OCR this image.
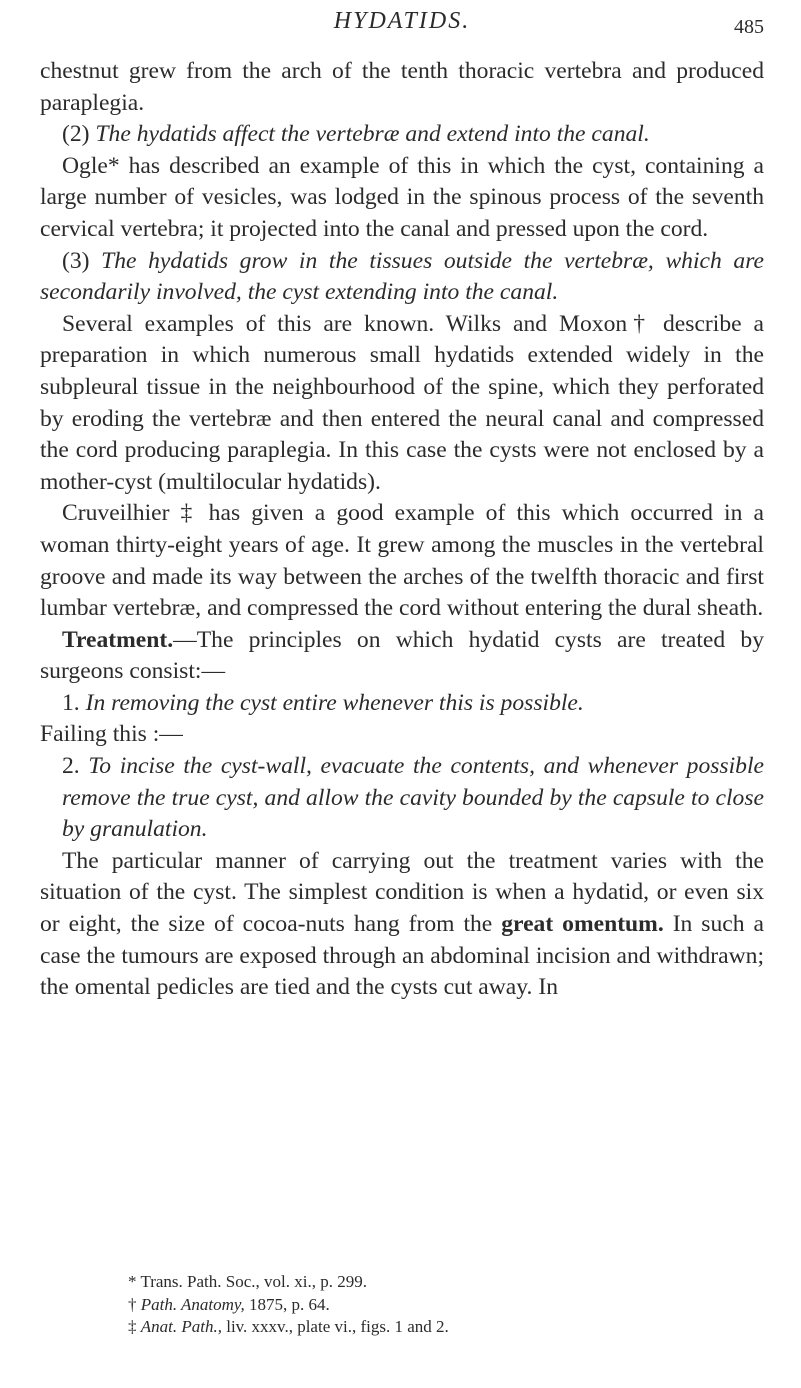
HYDATIDS.	485

chestnut grew from the arch of the tenth thoracic vertebra and produced paraplegia.

(2) The hydatids affect the vertebræ and extend into the canal.

Ogle* has described an example of this in which the cyst, containing a large number of vesicles, was lodged in the spinous process of the seventh cervical vertebra; it projected into the canal and pressed upon the cord.

(3) The hydatids grow in the tissues outside the vertebræ, which are secondarily involved, the cyst extending into the canal.

Several examples of this are known. Wilks and Moxon† describe a preparation in which numerous small hydatids extended widely in the subpleural tissue in the neighbourhood of the spine, which they perforated by eroding the vertebræ and then entered the neural canal and compressed the cord producing paraplegia. In this case the cysts were not enclosed by a mother-cyst (multilocular hydatids).

Cruveilhier ‡ has given a good example of this which occurred in a woman thirty-eight years of age. It grew among the muscles in the vertebral groove and made its way between the arches of the twelfth thoracic and first lumbar vertebræ, and compressed the cord without entering the dural sheath.

Treatment.—The principles on which hydatid cysts are treated by surgeons consist:—

1. In removing the cyst entire whenever this is possible.

Failing this :—

2. To incise the cyst-wall, evacuate the contents, and whenever possible remove the true cyst, and allow the cavity bounded by the capsule to close by granulation.

The particular manner of carrying out the treatment varies with the situation of the cyst. The simplest condition is when a hydatid, or even six or eight, the size of cocoa-nuts hang from the great omentum. In such a case the tumours are exposed through an abdominal incision and withdrawn; the omental pedicles are tied and the cysts cut away. In

* Trans. Path. Soc., vol. xi., p. 299.

† Path. Anatomy, 1875, p. 64.

‡ Anat. Path., liv. xxxv., plate vi., figs. 1 and 2.
